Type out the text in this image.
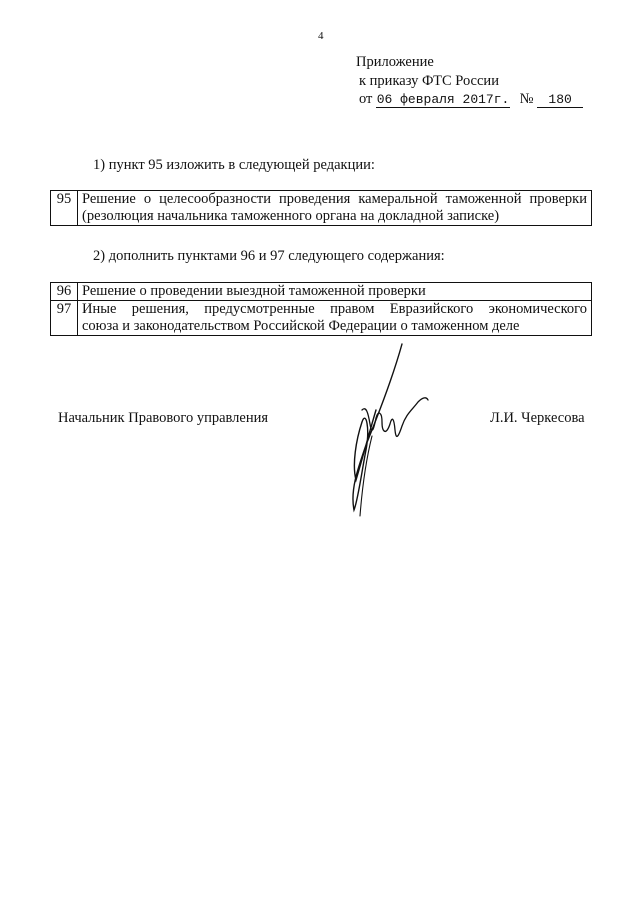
4
Приложение
к приказу ФТС России
от 06 февраля 2017г. № 180
1) пункт 95 изложить в следующей редакции:
95	Решение о целесообразности проведения камеральной таможенной проверки
(резолюция начальника таможенного органа на докладной записке)
2) дополнить пунктами 96 и 97 следующего содержания:
96	Решение о проведении выездной таможенной проверки

97	Иные решения, предусмотренные правом Евразийского экономического
союза и законодательством Российской Федерации о таможенном деле
Начальник Правового управления	Л.И. Черкесова
